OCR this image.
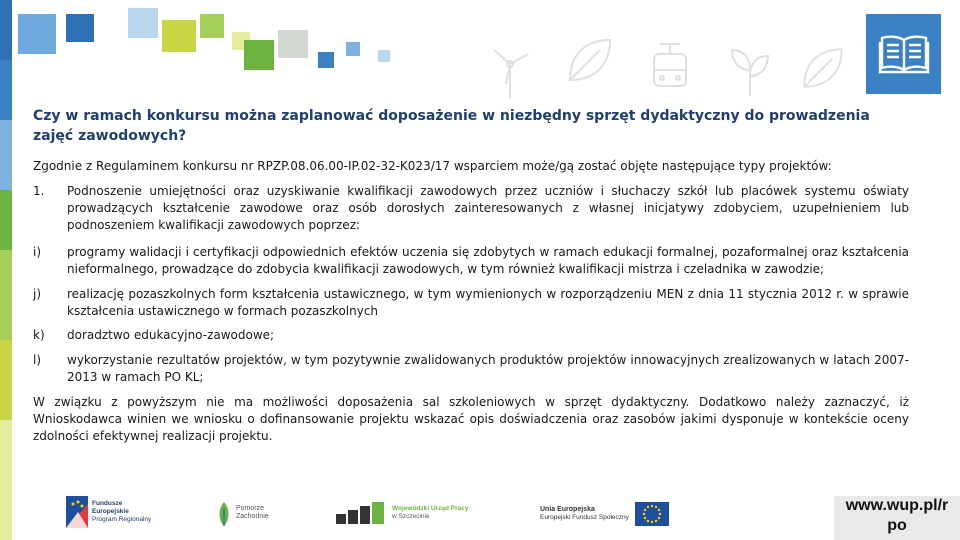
Czy w ramach konkursu można zaplanować doposażenie w niezbędny sprzęt dydaktyczny do prowadzenia zajęć zawodowych?
Zgodnie z Regulaminem konkursu nr RPZP.08.06.00-IP.02-32-K023/17 wsparciem może/gą zostać objęte następujące typy projektów:
1.	Podnoszenie umiejętności oraz uzyskiwanie kwalifikacji zawodowych przez uczniów i słuchaczy szkół lub placówek systemu oświaty prowadzących kształcenie zawodowe oraz osób dorosłych zainteresowanych z własnej inicjatywy zdobyciem, uzupełnieniem lub podnoszeniem kwalifikacji zawodowych poprzez:
i)	programy walidacji i certyfikacji odpowiednich efektów uczenia się zdobytych w ramach edukacji formalnej, pozaformalnej oraz kształcenia nieformalnego, prowadzące do zdobycia kwalifikacji zawodowych, w tym również kwalifikacji mistrza i czeladnika w zawodzie;
j)	realizację pozaszkolnych form kształcenia ustawicznego, w tym wymienionych w rozporządzeniu MEN z dnia 11 stycznia 2012 r. w sprawie kształcenia ustawicznego w formach pozaszkolnych
k)	doradztwo edukacyjno-zawodowe;
l)	wykorzystanie rezultatów projektów, w tym pozytywnie zwalidowanych produktów projektów innowacyjnych zrealizowanych w latach 2007-2013 w ramach PO KL;
W związku z powyższym nie ma możliwości doposażenia sal szkoleniowych w sprzęt dydaktyczny. Dodatkowo należy zaznaczyć, iż Wnioskodawca winien we wniosku o dofinansowanie projektu wskazać opis doświadczenia oraz zasobów jakimi dysponuje w kontekście oceny zdolności efektywnej realizacji projektu.
Fundusze
Europejskie
Program Regionalny
Pomorze
Zachodnie
Wojewódzki Urząd Pracy
w Szczecinie
Unia Europejska
Europejski Fundusz Społeczny
www.wup.pl/r
po
